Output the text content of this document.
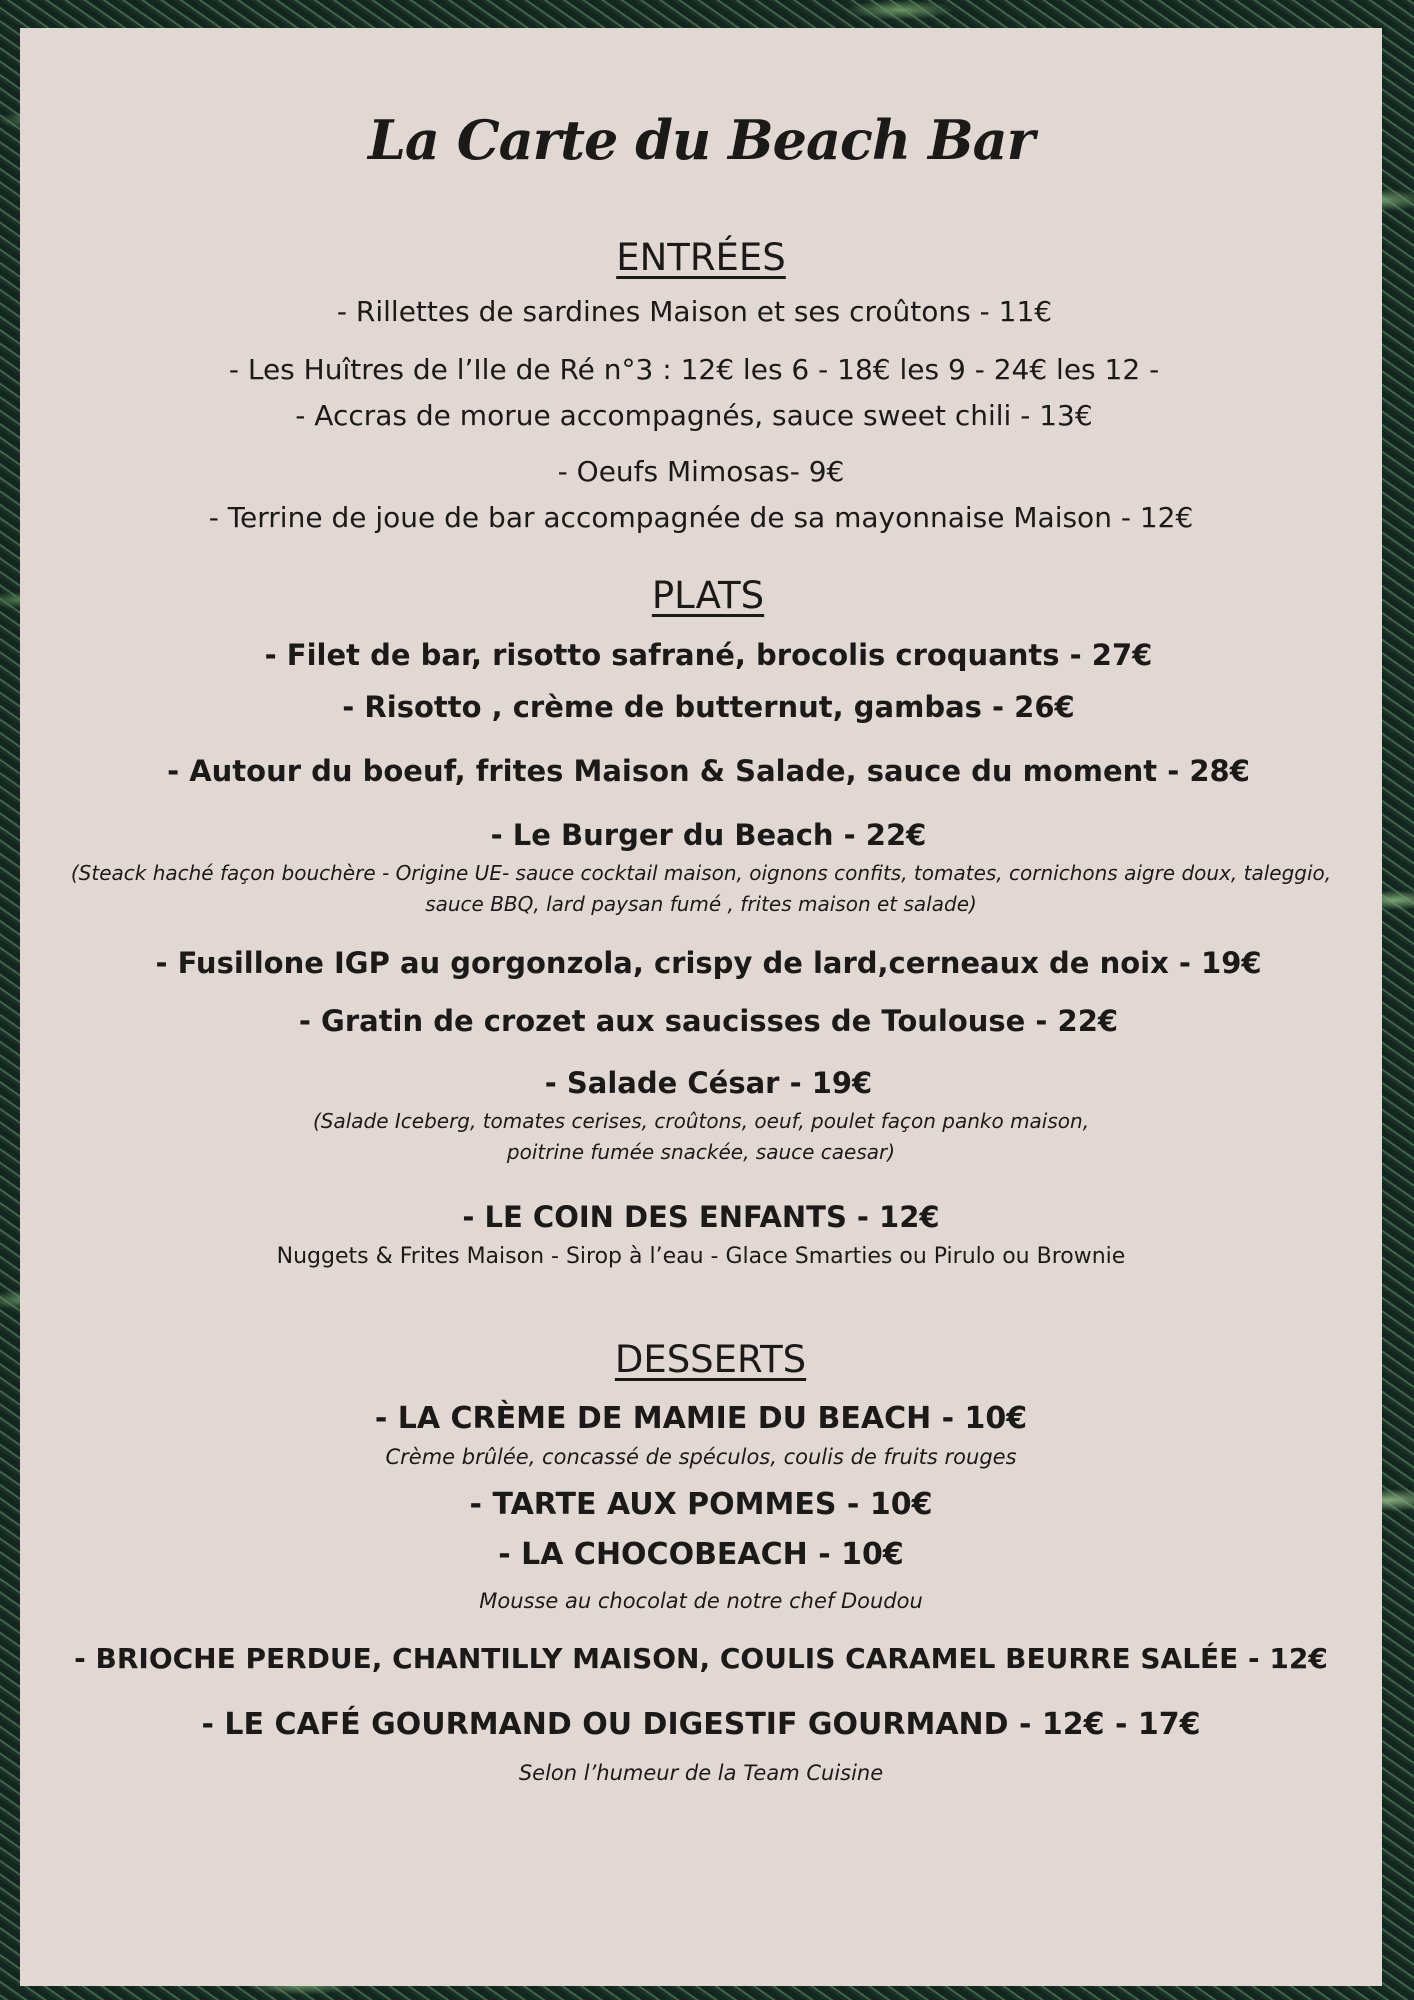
La Carte du Beach Bar
ENTRÉES

- Rillettes de sardines Maison et ses croûtons - 11€

- Les Huîtres de l’Ile de Ré n°3 : 12€ les 6 - 18€ les 9 - 24€ les 12 -

- Accras de morue accompagnés, sauce sweet chili - 13€

- Oeufs Mimosas- 9€

- Terrine de joue de bar accompagnée de sa mayonnaise Maison - 12€

PLATS

- Filet de bar, risotto safrané, brocolis croquants - 27€

- Risotto , crème de butternut, gambas - 26€

- Autour du boeuf, frites Maison & Salade, sauce du moment - 28€

- Le Burger du Beach - 22€

(Steack haché façon bouchère - Origine UE- sauce cocktail maison, oignons confits, tomates, cornichons aigre doux, taleggio, sauce BBQ, lard paysan fumé , frites maison et salade)

- Fusillone IGP au gorgonzola, crispy de lard,cerneaux de noix - 19€

- Gratin de crozet aux saucisses de Toulouse - 22€

- Salade César - 19€

(Salade Iceberg, tomates cerises, croûtons, oeuf, poulet façon panko maison,

poitrine fumée snackée, sauce caesar)

- LE COIN DES ENFANTS - 12€

Nuggets & Frites Maison - Sirop à l’eau - Glace Smarties ou Pirulo ou Brownie

DESSERTS

- LA CRÈME DE MAMIE DU BEACH - 10€

Crème brûlée, concassé de spéculos, coulis de fruits rouges

- TARTE AUX POMMES - 10€

- LA CHOCOBEACH - 10€

Mousse au chocolat de notre chef Doudou

- BRIOCHE PERDUE, CHANTILLY MAISON, COULIS CARAMEL BEURRE SALÉE - 12€

- LE CAFÉ GOURMAND OU DIGESTIF GOURMAND - 12€ - 17€

Selon l’humeur de la Team Cuisine
